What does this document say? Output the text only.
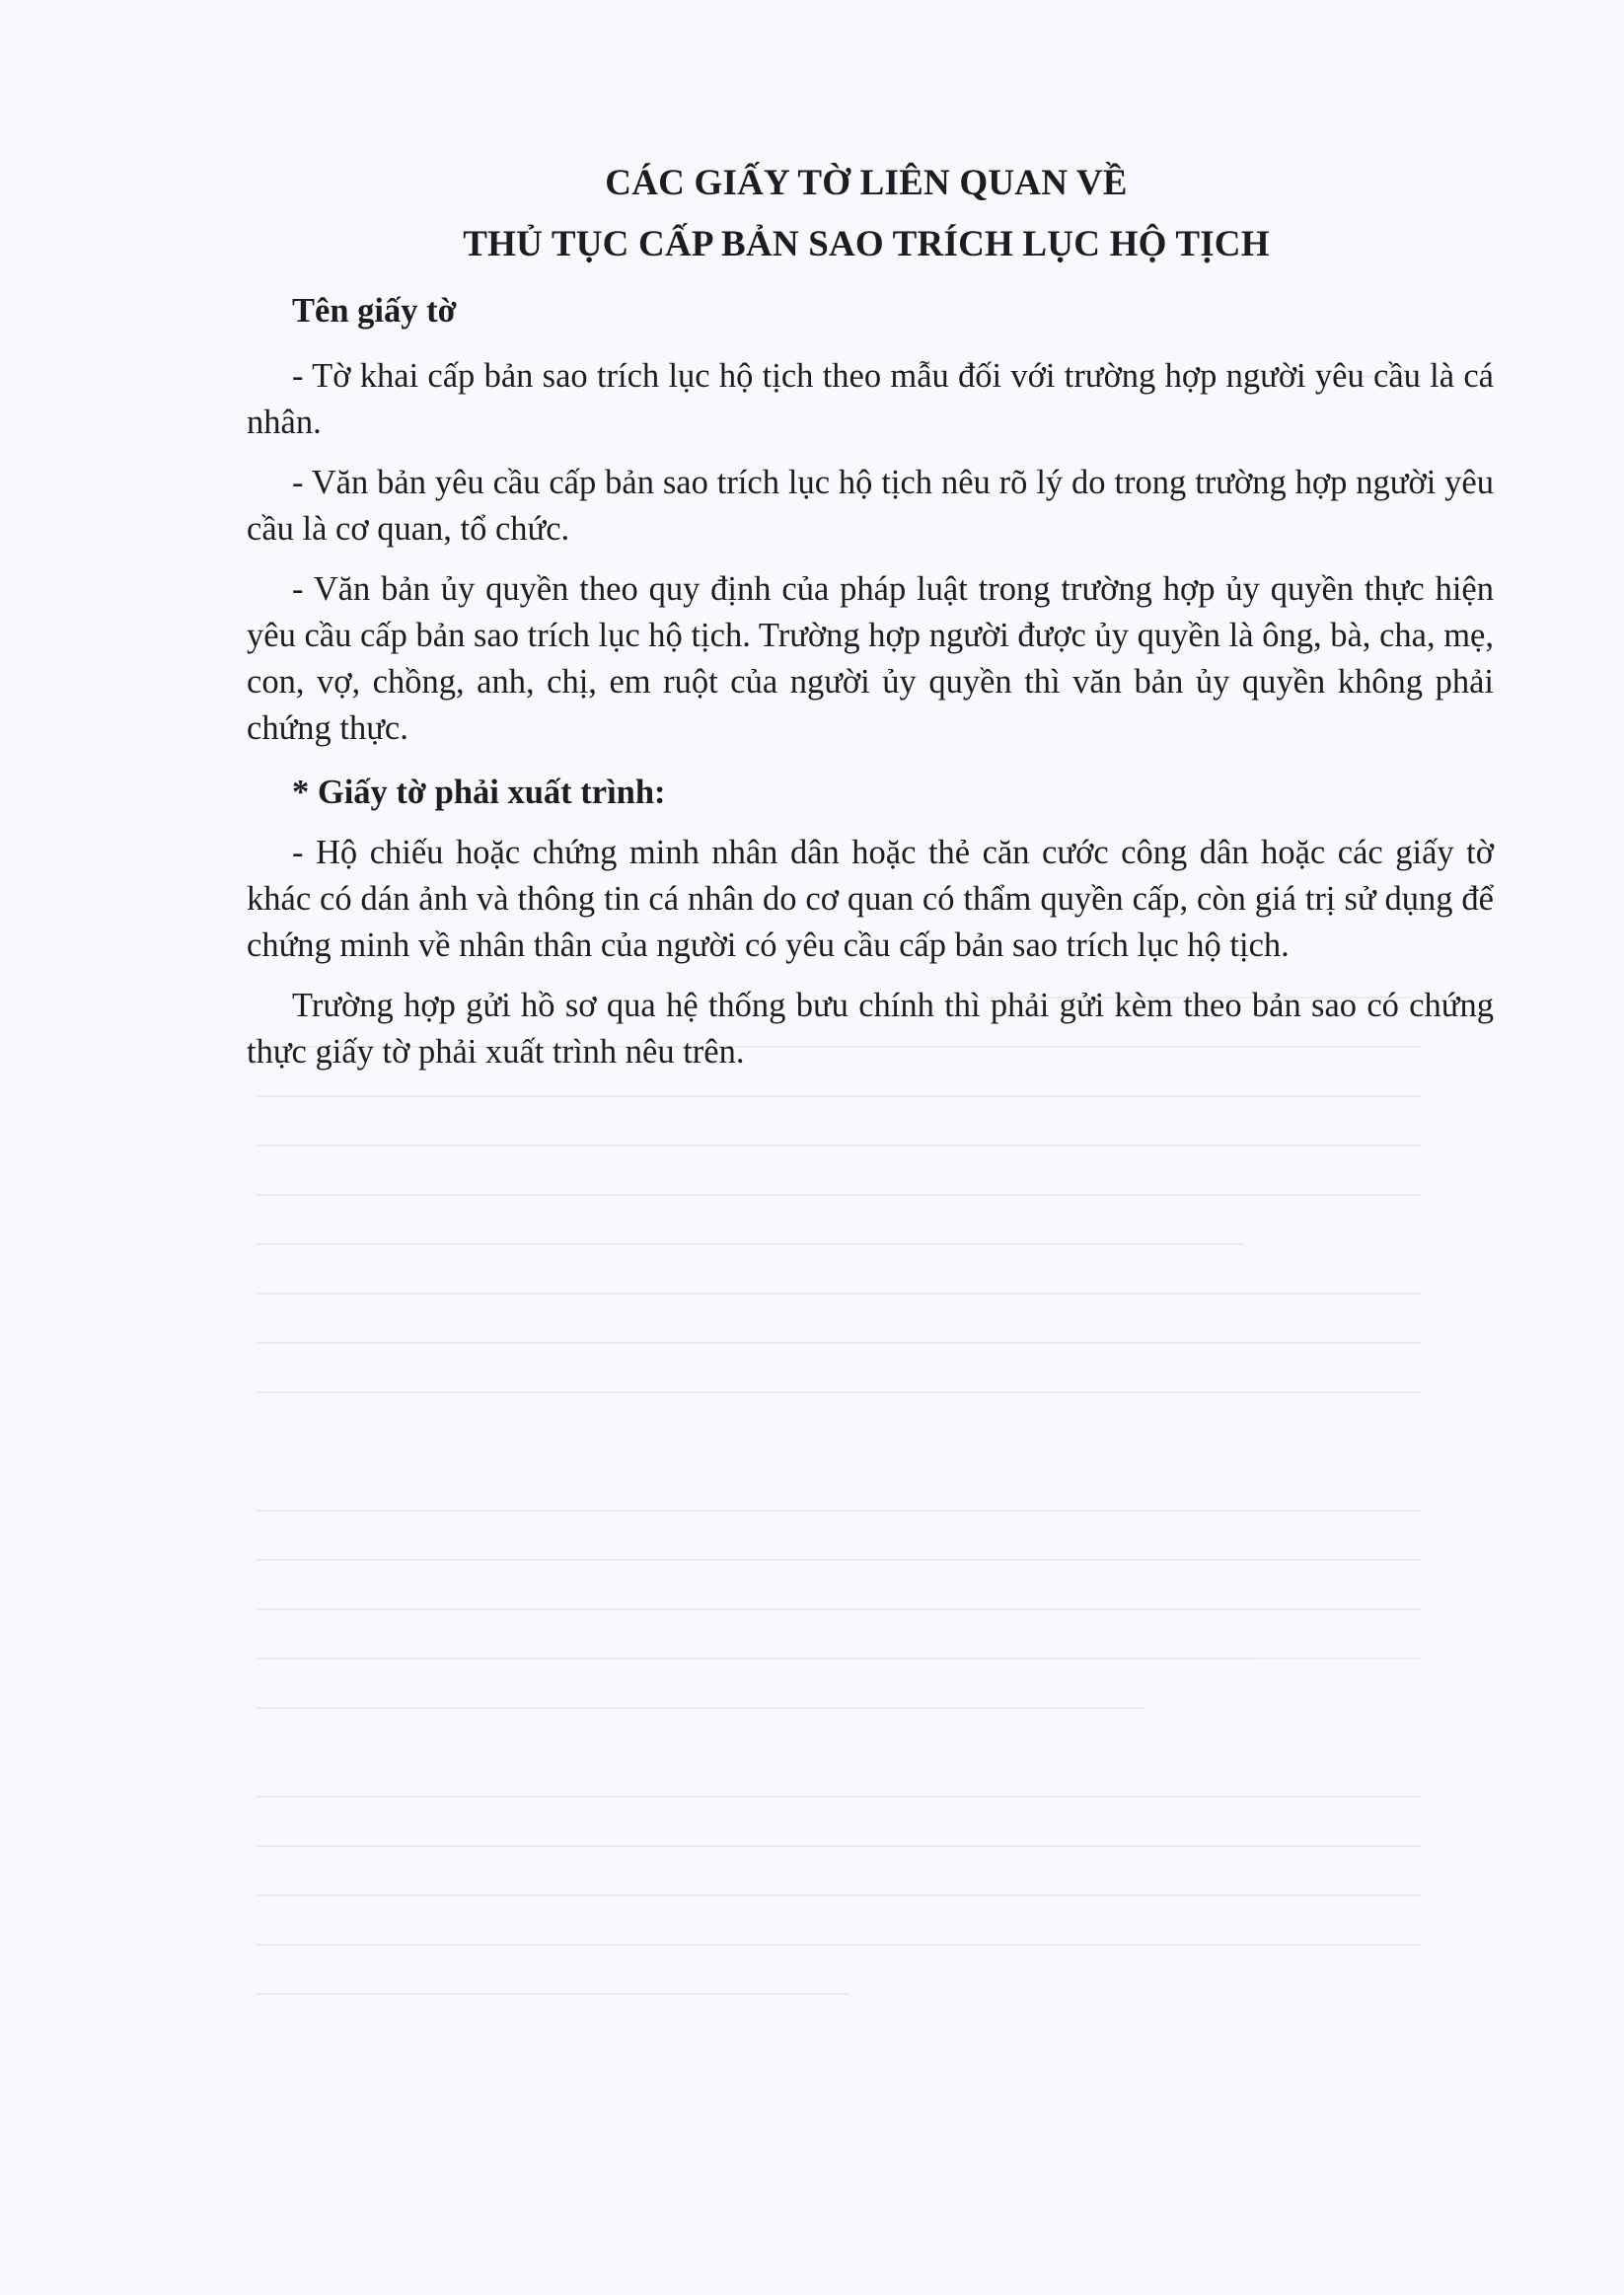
CÁC GIẤY TỜ LIÊN QUAN VỀ
THỦ TỤC CẤP BẢN SAO TRÍCH LỤC HỘ TỊCH

Tên giấy tờ

- Tờ khai cấp bản sao trích lục hộ tịch theo mẫu đối với trường hợp người yêu cầu là cá nhân.

- Văn bản yêu cầu cấp bản sao trích lục hộ tịch nêu rõ lý do trong trường hợp người yêu cầu là cơ quan, tổ chức.

- Văn bản ủy quyền theo quy định của pháp luật trong trường hợp ủy quyền thực hiện yêu cầu cấp bản sao trích lục hộ tịch. Trường hợp người được ủy quyền là ông, bà, cha, mẹ, con, vợ, chồng, anh, chị, em ruột của người ủy quyền thì văn bản ủy quyền không phải chứng thực.

* Giấy tờ phải xuất trình:

- Hộ chiếu hoặc chứng minh nhân dân hoặc thẻ căn cước công dân hoặc các giấy tờ khác có dán ảnh và thông tin cá nhân do cơ quan có thẩm quyền cấp, còn giá trị sử dụng để chứng minh về nhân thân của người có yêu cầu cấp bản sao trích lục hộ tịch.

Trường hợp gửi hồ sơ qua hệ thống bưu chính thì phải gửi kèm theo bản sao có chứng thực giấy tờ phải xuất trình nêu trên.
